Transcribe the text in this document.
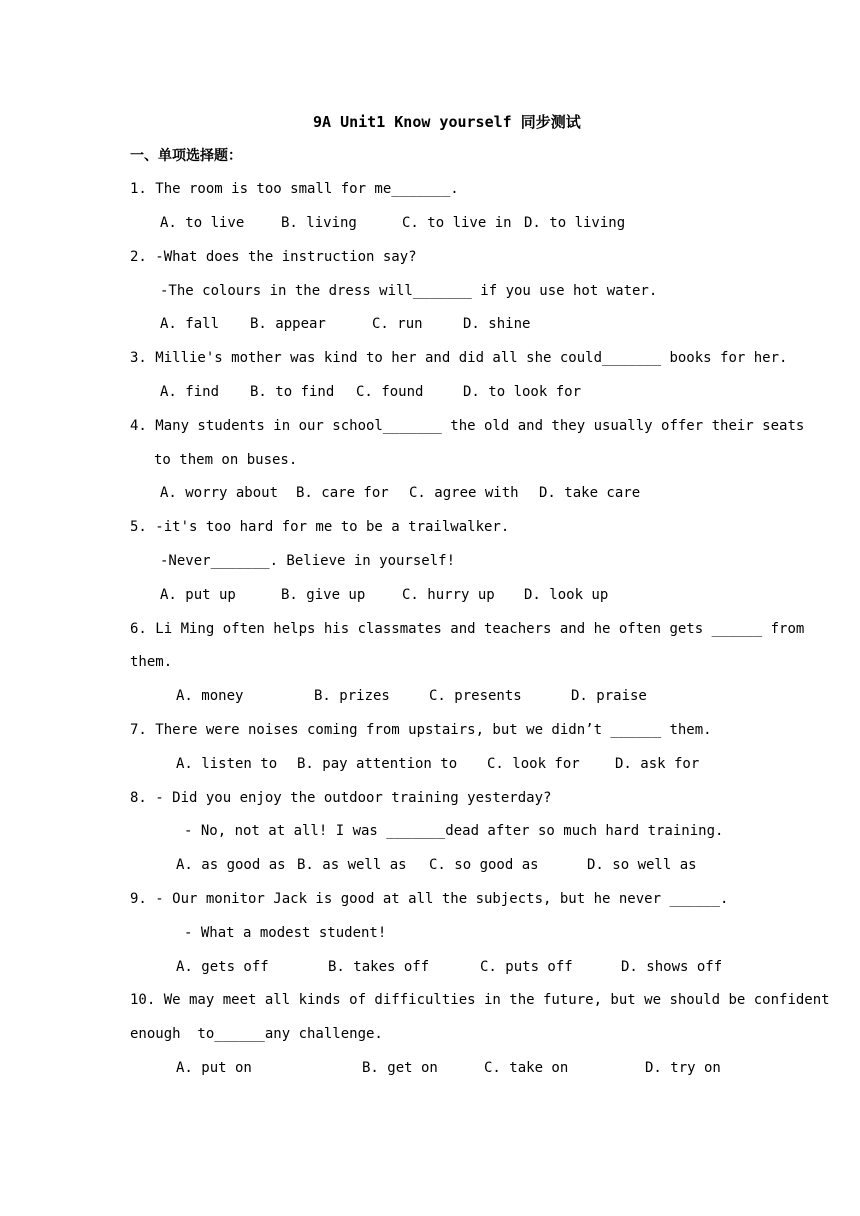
9A Unit1 Know yourself 同步测试
一、单项选择题：
1. The room is too small for me_______.
A. to live	B. living	C. to live in D. to living
2. -What does the instruction say?
-The colours in the dress will_______ if you use hot water.
A. fall B. appear	C. run	D. shine
3. Millie's mother was kind to her and did all she could_______ books for her.
A. find B. to find C. found	D. to look for
4. Many students in our school_______ the old and they usually offer their seats
to them on buses.
A. worry about B. care for C. agree with D. take care
5. -it's too hard for me to be a trailwalker.
-Never_______. Believe in yourself!
A. put up	B. give up	C. hurry up D. look up
6. Li Ming often helps his classmates and teachers and he often gets ______ from
them.
A. money	B. prizes	C. presents	D. praise
7. There were noises coming from upstairs, but we didn’t ______ them.
A. listen to B. pay attention to C. look for	D. ask for
8. - Did you enjoy the outdoor training yesterday?
- No, not at all! I was _______dead after so much hard training.
A. as good as B. as well as C. so good as	D. so well as
9. - Our monitor Jack is good at all the subjects, but he never ______.
- What a modest student!
A. gets off	B. takes off	C. puts off	D. shows off
10. We may meet all kinds of difficulties in the future, but we should be confident
enough  to______any challenge.
A. put on	B. get on	C. take on	D. try on
